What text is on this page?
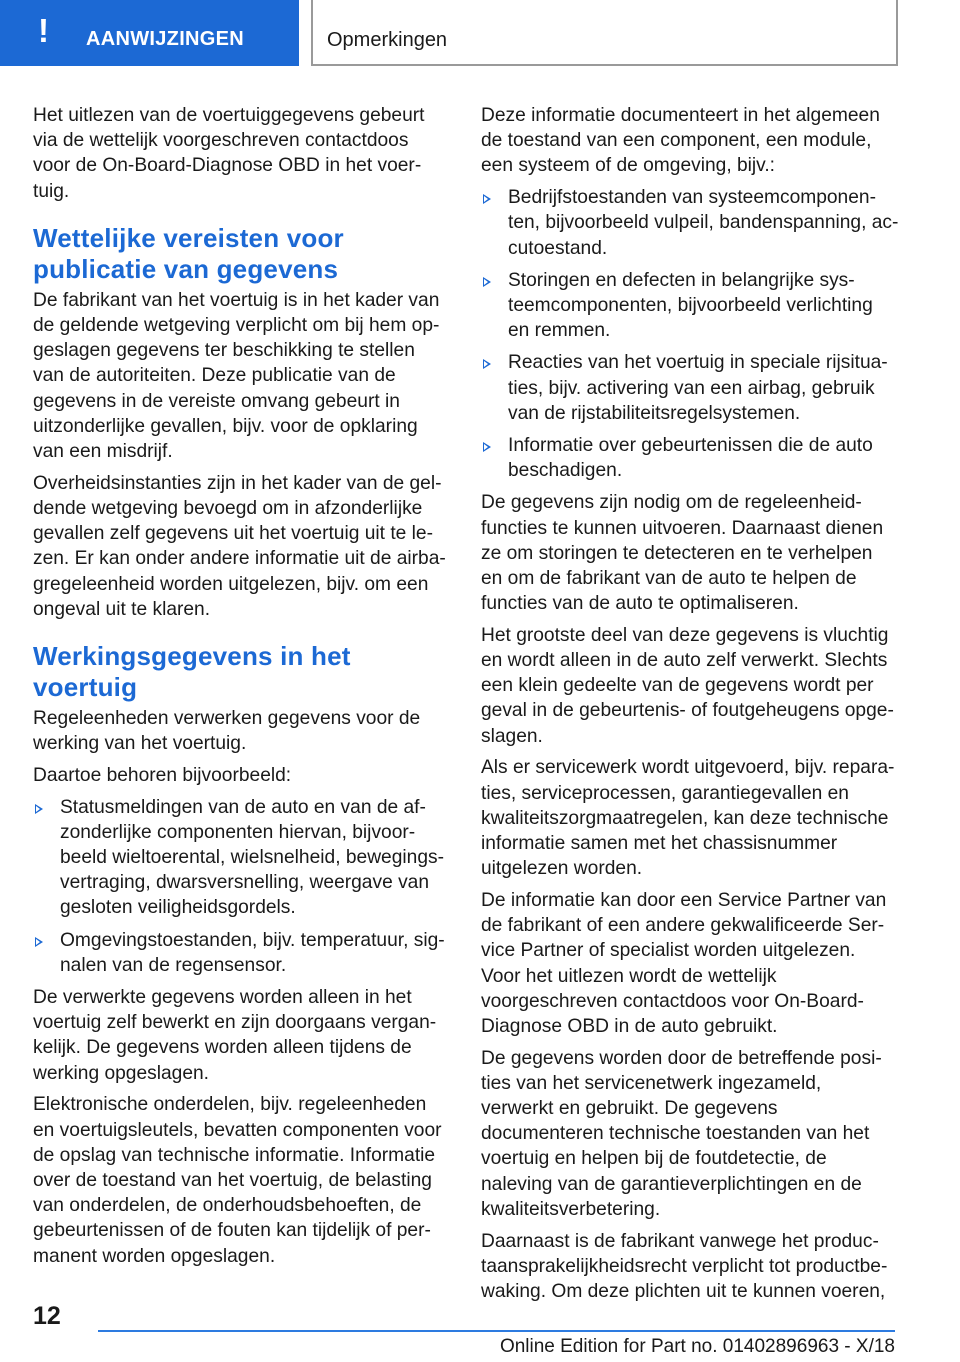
! AANWIJZINGEN	Opmerkingen

Het uitlezen van de voertuiggegevens gebeurt via de wettelijk voorgeschreven contactdoos voor de On-Board-Diagnose OBD in het voertuig.

Wettelijke vereisten voor publicatie van gegevens

De fabrikant van het voertuig is in het kader van de geldende wetgeving verplicht om bij hem opgeslagen gegevens ter beschikking te stellen van de autoriteiten. Deze publicatie van de gegevens in de vereiste omvang gebeurt in uitzonderlijke gevallen, bijv. voor de opklaring van een misdrijf.

Overheidsinstanties zijn in het kader van de geldende wetgeving bevoegd om in afzonderlijke gevallen zelf gegevens uit het voertuig uit te lezen. Er kan onder andere informatie uit de airbagregeleenheid worden uitgelezen, bijv. om een ongeval uit te klaren.

Werkingsgegevens in het voertuig

Regeleenheden verwerken gegevens voor de werking van het voertuig.

Daartoe behoren bijvoorbeeld:

Statusmeldingen van de auto en van de afzonderlijke componenten hiervan, bijvoorbeeld wieltoerental, wielsnelheid, bewegingsvertraging, dwarsversnelling, weergave van gesloten veiligheidsgordels.
Omgevingstoestanden, bijv. temperatuur, signalen van de regensensor.

De verwerkte gegevens worden alleen in het voertuig zelf bewerkt en zijn doorgaans vergankelijk. De gegevens worden alleen tijdens de werking opgeslagen.

Elektronische onderdelen, bijv. regeleenheden en voertuigsleutels, bevatten componenten voor de opslag van technische informatie. Informatie over de toestand van het voertuig, de belasting van onderdelen, de onderhoudsbehoeften, de gebeurtenissen of de fouten kan tijdelijk of permanent worden opgeslagen.

Deze informatie documenteert in het algemeen de toestand van een component, een module, een systeem of de omgeving, bijv.:

Bedrijfstoestanden van systeemcomponenten, bijvoorbeeld vulpeil, bandenspanning, accutoestand.
Storingen en defecten in belangrijke systeemcomponenten, bijvoorbeeld verlichting en remmen.
Reacties van het voertuig in speciale rijsituaties, bijv. activering van een airbag, gebruik van de rijstabiliteitsregelsystemen.
Informatie over gebeurtenissen die de auto beschadigen.

De gegevens zijn nodig om de regeleenheidfuncties te kunnen uitvoeren. Daarnaast dienen ze om storingen te detecteren en te verhelpen en om de fabrikant van de auto te helpen de functies van de auto te optimaliseren.

Het grootste deel van deze gegevens is vluchtig en wordt alleen in de auto zelf verwerkt. Slechts een klein gedeelte van de gegevens wordt per geval in de gebeurtenis- of foutgeheugens opgeslagen.

Als er servicewerk wordt uitgevoerd, bijv. reparaties, serviceprocessen, garantiegevallen en kwaliteitszorgmaatregelen, kan deze technische informatie samen met het chassisnummer uitgelezen worden.

De informatie kan door een Service Partner van de fabrikant of een andere gekwalificeerde Service Partner of specialist worden uitgelezen. Voor het uitlezen wordt de wettelijk voorgeschreven contactdoos voor On-Board-Diagnose OBD in de auto gebruikt.

De gegevens worden door de betreffende posities van het servicenetwerk ingezameld, verwerkt en gebruikt. De gegevens documenteren technische toestanden van het voertuig en helpen bij de foutdetectie, de naleving van de garantieverplichtingen en de kwaliteitsverbetering.

Daarnaast is de fabrikant vanwege het productaansprakelijkheidsrecht verplicht tot productbewaking. Om deze plichten uit te kunnen voeren,

12
Online Edition for Part no. 01402896963 - X/18
